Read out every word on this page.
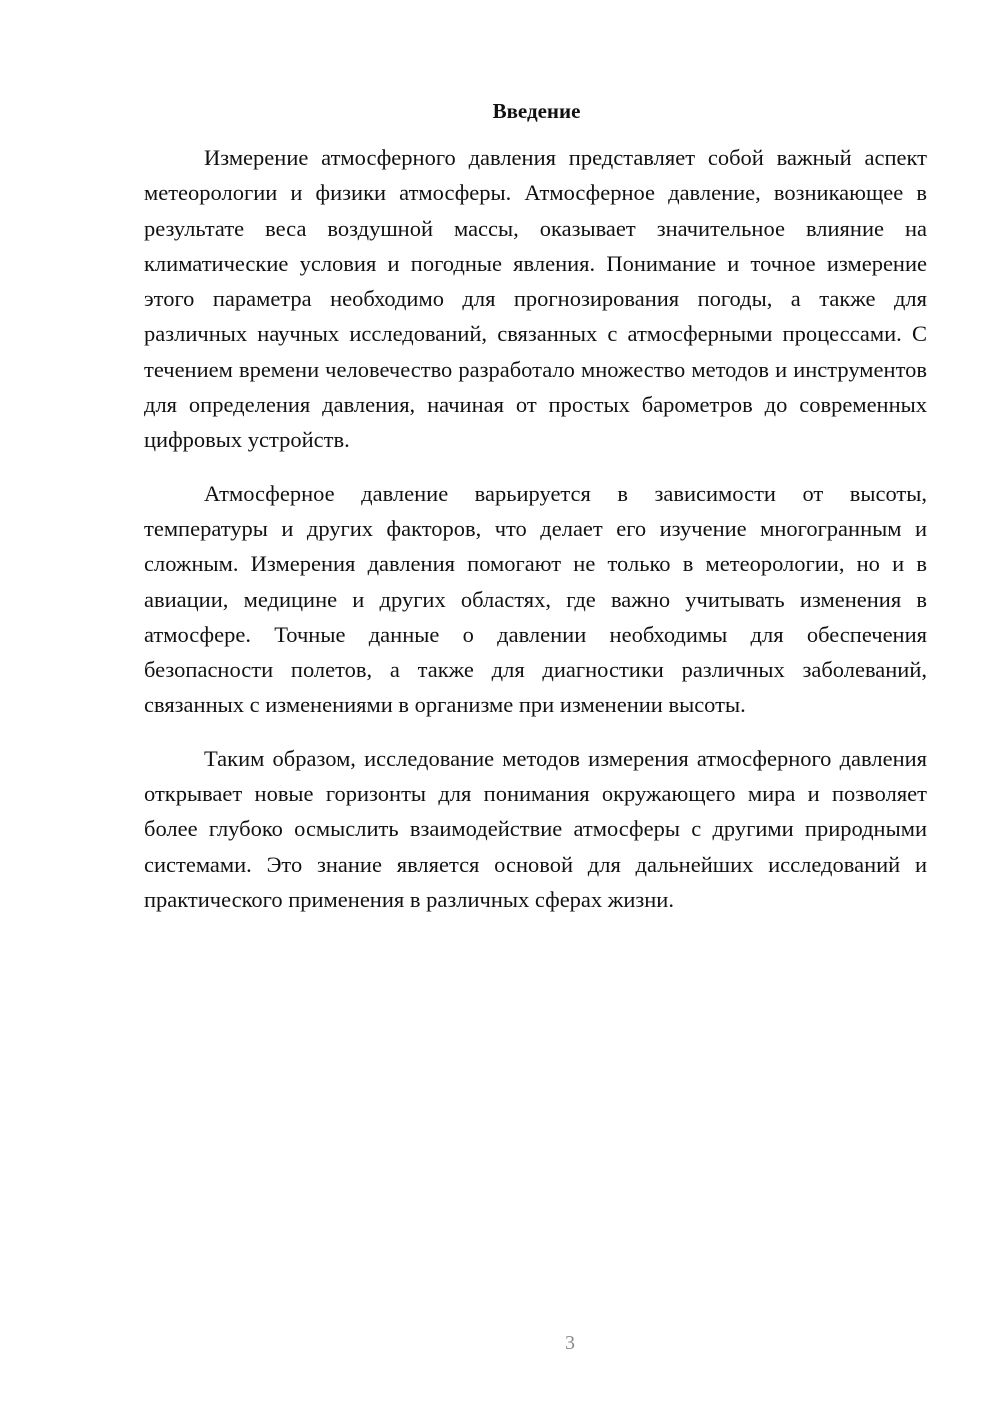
Введение

Измерение атмосферного давления представляет собой важный аспект метеорологии и физики атмосферы. Атмосферное давление, возникающее в результате веса воздушной массы, оказывает значительное влияние на климатические условия и погодные явления. Понимание и точное измерение этого параметра необходимо для прогнозирования погоды, а также для различных научных исследований, связанных с атмосферными процессами. С течением времени человечество разработало множество методов и инструментов для определения давления, начиная от простых барометров до современных цифровых устройств.

Атмосферное давление варьируется в зависимости от высоты, температуры и других факторов, что делает его изучение многогранным и сложным. Измерения давления помогают не только в метеорологии, но и в авиации, медицине и других областях, где важно учитывать изменения в атмосфере. Точные данные о давлении необходимы для обеспечения безопасности полетов, а также для диагностики различных заболеваний, связанных с изменениями в организме при изменении высоты.

Таким образом, исследование методов измерения атмосферного давления открывает новые горизонты для понимания окружающего мира и позволяет более глубоко осмыслить взаимодействие атмосферы с другими природными системами. Это знание является основой для дальнейших исследований и практического применения в различных сферах жизни.

3
